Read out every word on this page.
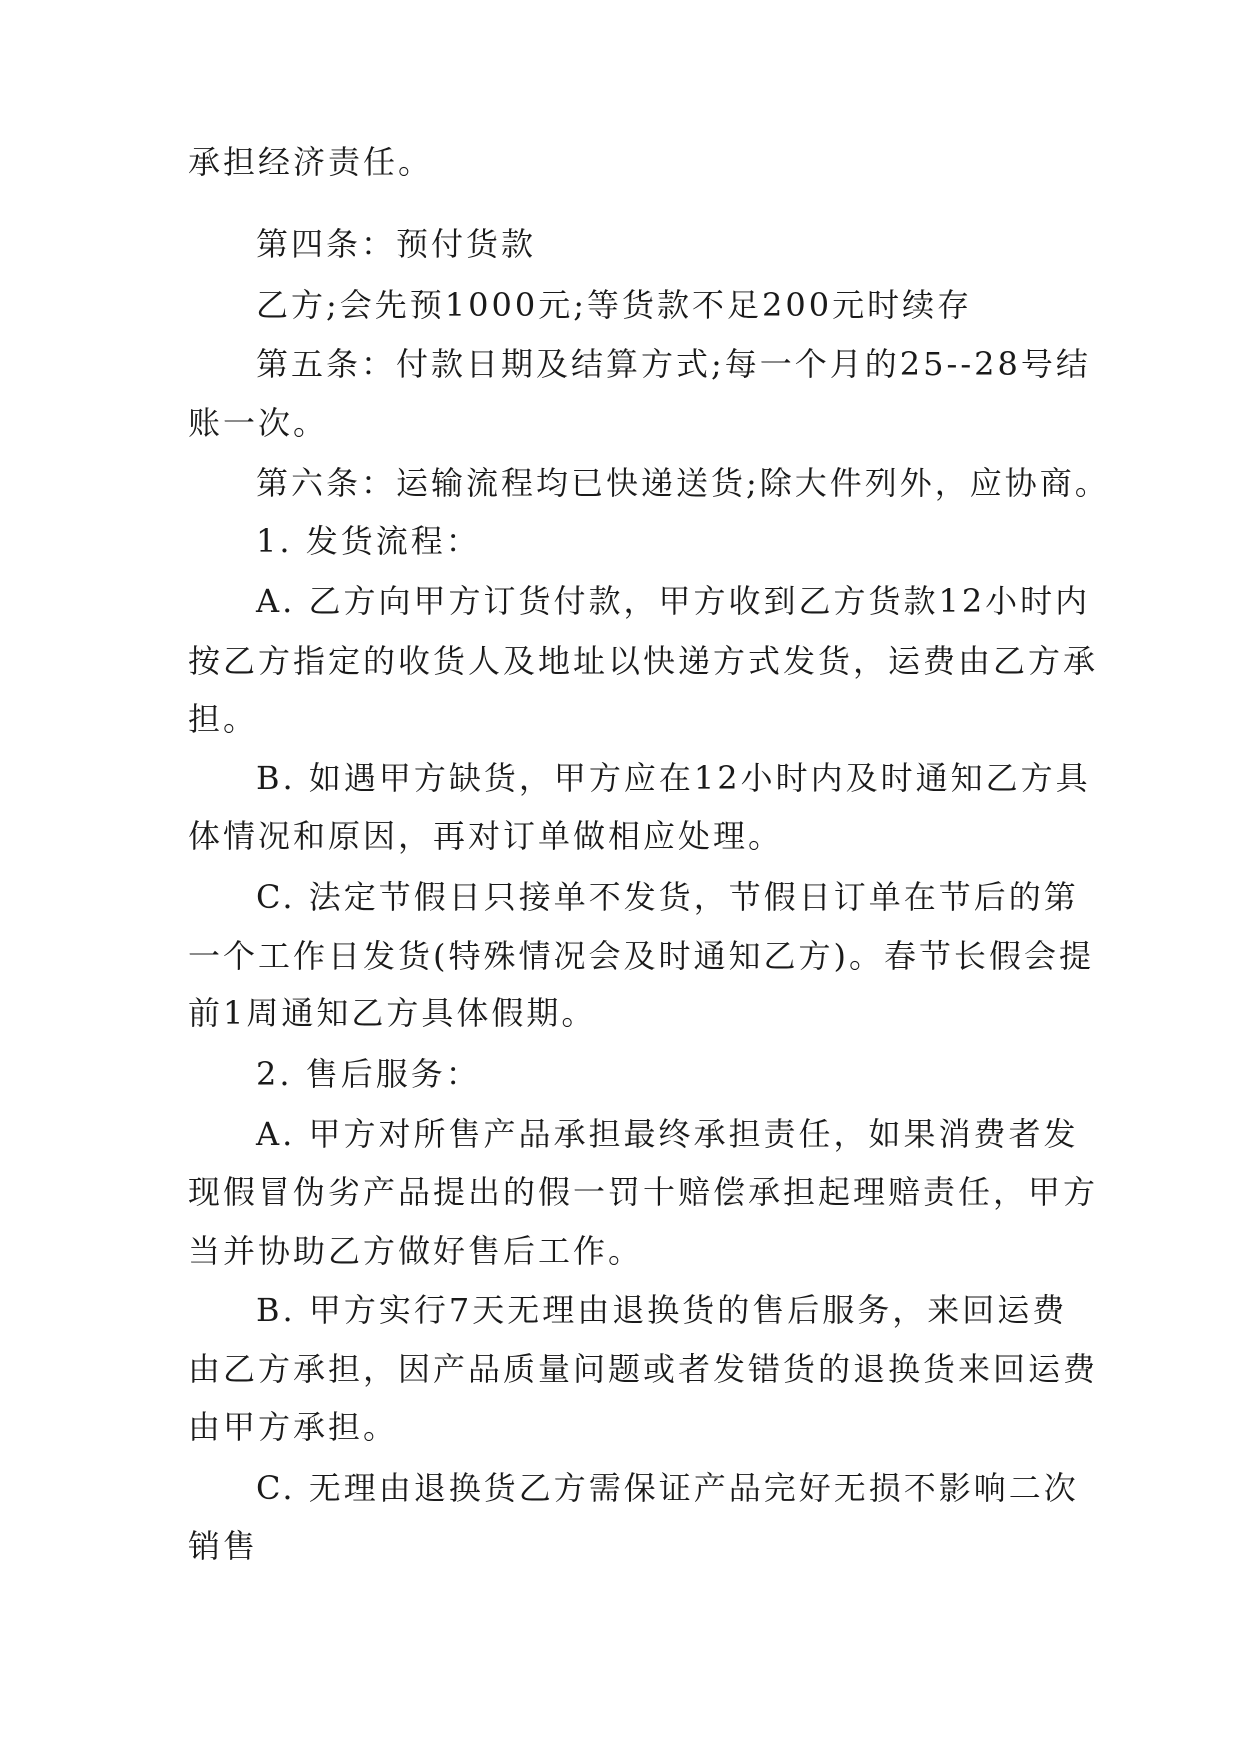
承担经济责任。
第四条：预付货款
乙方;会先预1000元;等货款不足200元时续存
第五条：付款日期及结算方式;每一个月的25--28号结
账一次。
第六条：运输流程均已快递送货;除大件列外，应协商。
1. 发货流程：
A. 乙方向甲方订货付款，甲方收到乙方货款12小时内
按乙方指定的收货人及地址以快递方式发货，运费由乙方承
担。
B. 如遇甲方缺货，甲方应在12小时内及时通知乙方具
体情况和原因，再对订单做相应处理。
C. 法定节假日只接单不发货，节假日订单在节后的第
一个工作日发货(特殊情况会及时通知乙方)。春节长假会提
前1周通知乙方具体假期。
2. 售后服务：
A. 甲方对所售产品承担最终承担责任，如果消费者发
现假冒伪劣产品提出的假一罚十赔偿承担起理赔责任，甲方
当并协助乙方做好售后工作。
B. 甲方实行7天无理由退换货的售后服务，来回运费
由乙方承担，因产品质量问题或者发错货的退换货来回运费
由甲方承担。
C. 无理由退换货乙方需保证产品完好无损不影响二次
销售
